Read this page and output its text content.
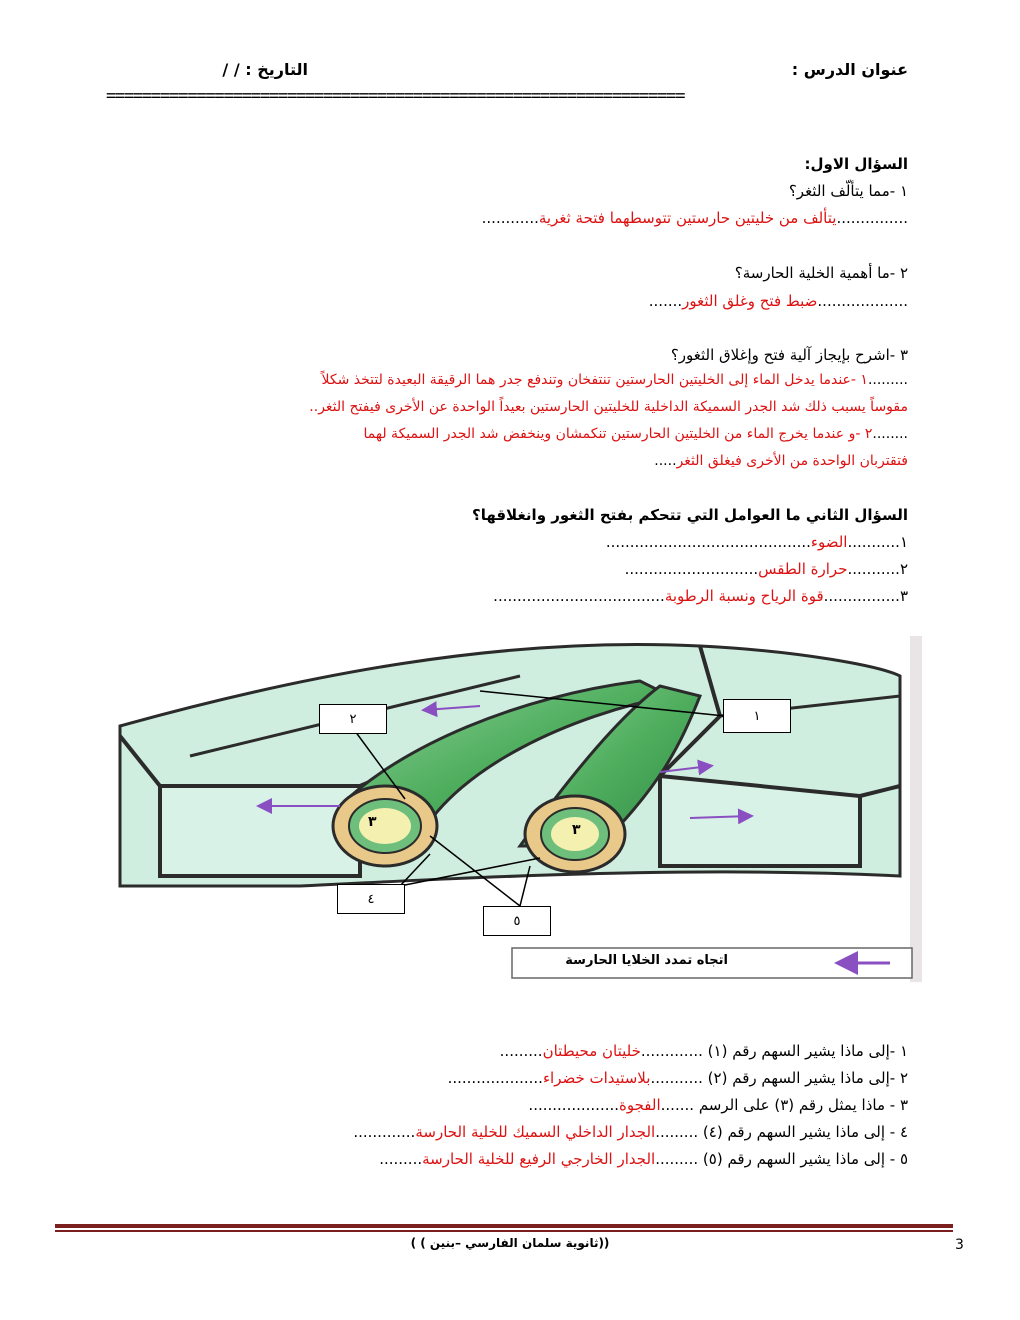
عنوان الدرس :
التاريخ : / /
================================================================
السؤال الاول:
١ -مما يتألّف الثغر؟
...............يتألف من خليتين حارستين تتوسطهما فتحة ثغرية............
٢ -ما أهمية الخلية الحارسة؟
...................ضبط فتح وغلق الثغور.......
٣ -اشرح بإيجاز آلية فتح وإغلاق الثغور؟
.........١ -عندما يدخل الماء إلى الخليتين الحارستين تنتفخان وتندفع جدر هما الرقيقة البعيدة لتتخذ شكلاً
مقوساً يسبب ذلك شد الجدر السميكة الداخلية للخليتين الحارستين بعيداً الواحدة عن الأخرى فيفتح الثغر..
........٢ -و عندما يخرج الماء من الخليتين الحارستين تنكمشان وينخفض شد الجدر السميكة لهما
فتقتربان الواحدة من الأخرى فيغلق الثغر.....
السؤال الثاني ما العوامل التي تتحكم بفتح الثغور وانغلاقها؟
١...........الضوء...........................................
٢...........حرارة الطقس............................
٣................قوة الرياح ونسبة الرطوبة....................................
١
٢
٣	٣
٤
٥
اتجاه تمدد الخلايا الحارسة
١ -إلى ماذا يشير السهم رقم (١) .............خليتان محيطتان.........
٢ -إلى ماذا يشير السهم رقم (٢) ...........بلاستيدات خضراء....................
٣ - ماذا يمثل رقم (٣) على الرسم .......الفجوة...................
٤ - إلى ماذا يشير السهم رقم (٤) .........الجدار الداخلي السميك للخلية الحارسة.............
٥ - إلى ماذا يشير السهم رقم (٥) .........الجدار الخارجي الرفيع للخلية الحارسة.........
((ثانوية سلمان الفارسي –بنين ) )	3
